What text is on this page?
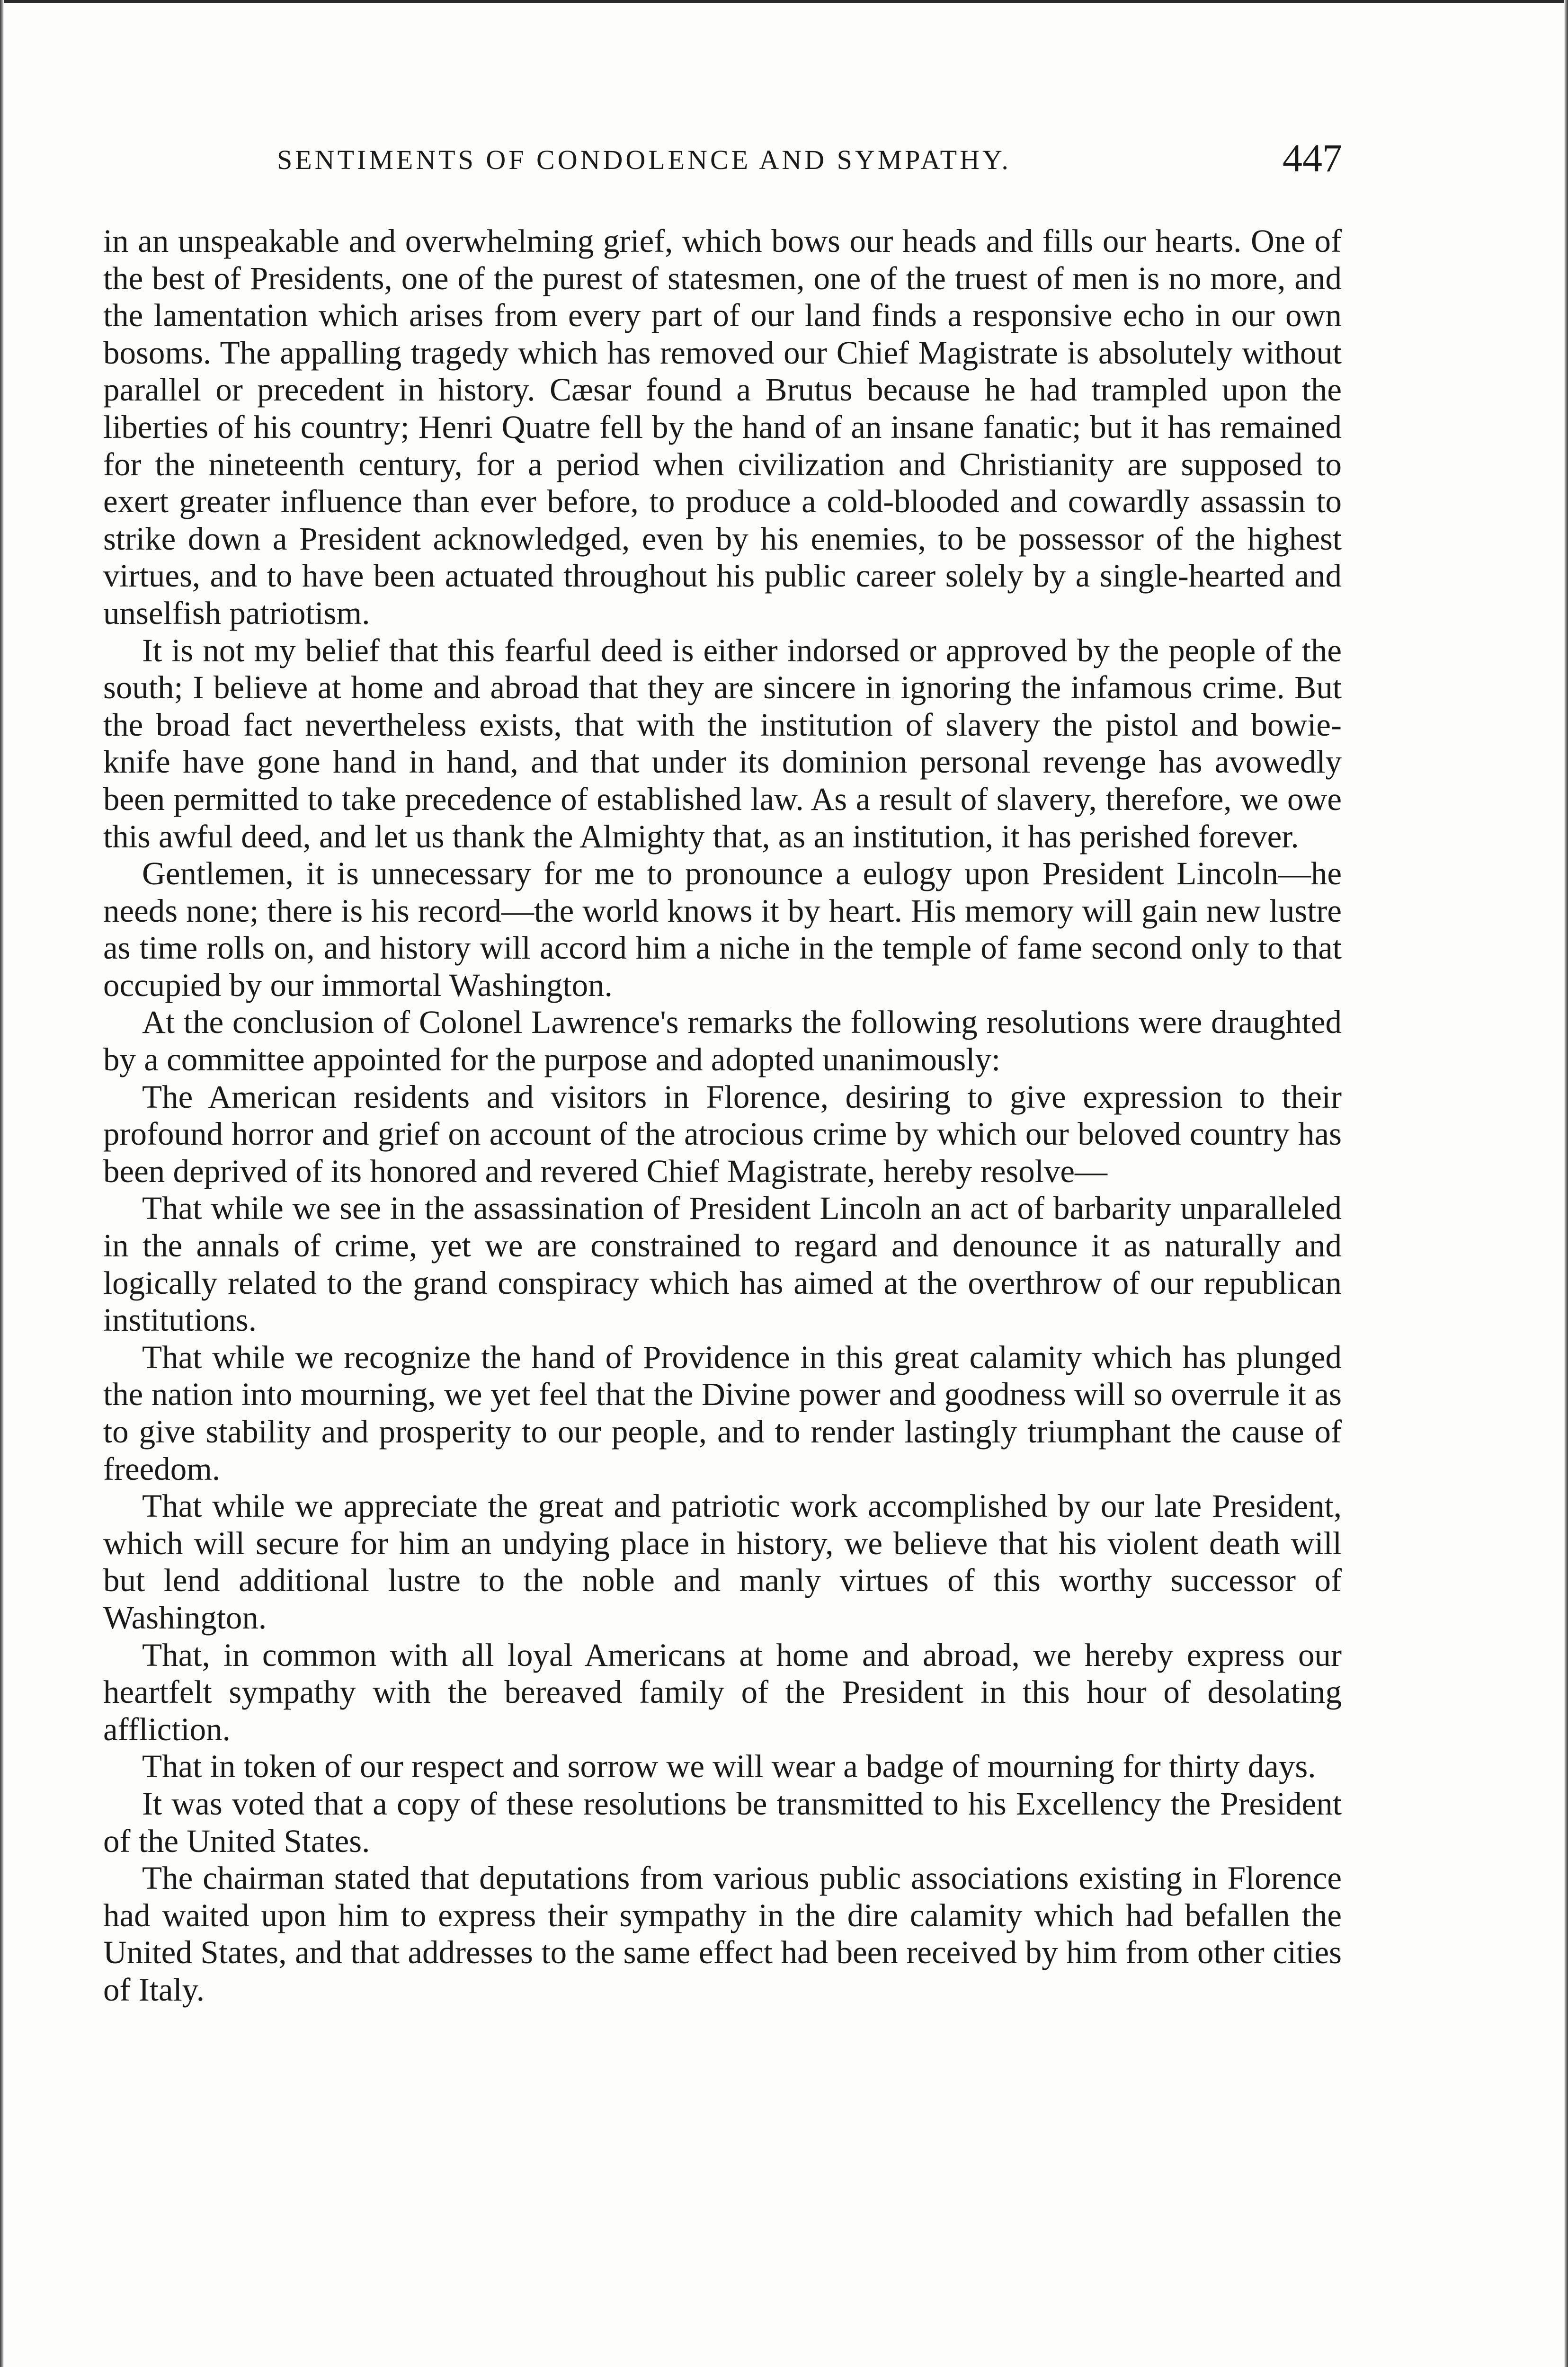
SENTIMENTS OF CONDOLENCE AND SYMPATHY.	447

in an unspeakable and overwhelming grief, which bows our heads and fills our hearts. One of the best of Presidents, one of the purest of statesmen, one of the truest of men is no more, and the lamentation which arises from every part of our land finds a responsive echo in our own bosoms. The appalling tragedy which has removed our Chief Magistrate is absolutely without parallel or precedent in history. Cæsar found a Brutus because he had trampled upon the liberties of his country; Henri Quatre fell by the hand of an insane fanatic; but it has remained for the nineteenth century, for a period when civilization and Christianity are supposed to exert greater influence than ever before, to produce a cold-blooded and cowardly assassin to strike down a President acknowledged, even by his enemies, to be possessor of the highest virtues, and to have been actuated throughout his public career solely by a single-hearted and unselfish patriotism.

It is not my belief that this fearful deed is either indorsed or approved by the people of the south; I believe at home and abroad that they are sincere in ignoring the infamous crime. But the broad fact nevertheless exists, that with the institution of slavery the pistol and bowie-knife have gone hand in hand, and that under its dominion personal revenge has avowedly been permitted to take precedence of established law. As a result of slavery, therefore, we owe this awful deed, and let us thank the Almighty that, as an institution, it has perished forever.

Gentlemen, it is unnecessary for me to pronounce a eulogy upon President Lincoln—he needs none; there is his record—the world knows it by heart. His memory will gain new lustre as time rolls on, and history will accord him a niche in the temple of fame second only to that occupied by our immortal Washington.

At the conclusion of Colonel Lawrence's remarks the following resolutions were draughted by a committee appointed for the purpose and adopted unanimously:

The American residents and visitors in Florence, desiring to give expression to their profound horror and grief on account of the atrocious crime by which our beloved country has been deprived of its honored and revered Chief Magistrate, hereby resolve—

That while we see in the assassination of President Lincoln an act of barbarity unparalleled in the annals of crime, yet we are constrained to regard and denounce it as naturally and logically related to the grand conspiracy which has aimed at the overthrow of our republican institutions.

That while we recognize the hand of Providence in this great calamity which has plunged the nation into mourning, we yet feel that the Divine power and goodness will so overrule it as to give stability and prosperity to our people, and to render lastingly triumphant the cause of freedom.

That while we appreciate the great and patriotic work accomplished by our late President, which will secure for him an undying place in history, we believe that his violent death will but lend additional lustre to the noble and manly virtues of this worthy successor of Washington.

That, in common with all loyal Americans at home and abroad, we hereby express our heartfelt sympathy with the bereaved family of the President in this hour of desolating affliction.

That in token of our respect and sorrow we will wear a badge of mourning for thirty days.

It was voted that a copy of these resolutions be transmitted to his Excellency the President of the United States.

The chairman stated that deputations from various public associations existing in Florence had waited upon him to express their sympathy in the dire calamity which had befallen the United States, and that addresses to the same effect had been received by him from other cities of Italy.
